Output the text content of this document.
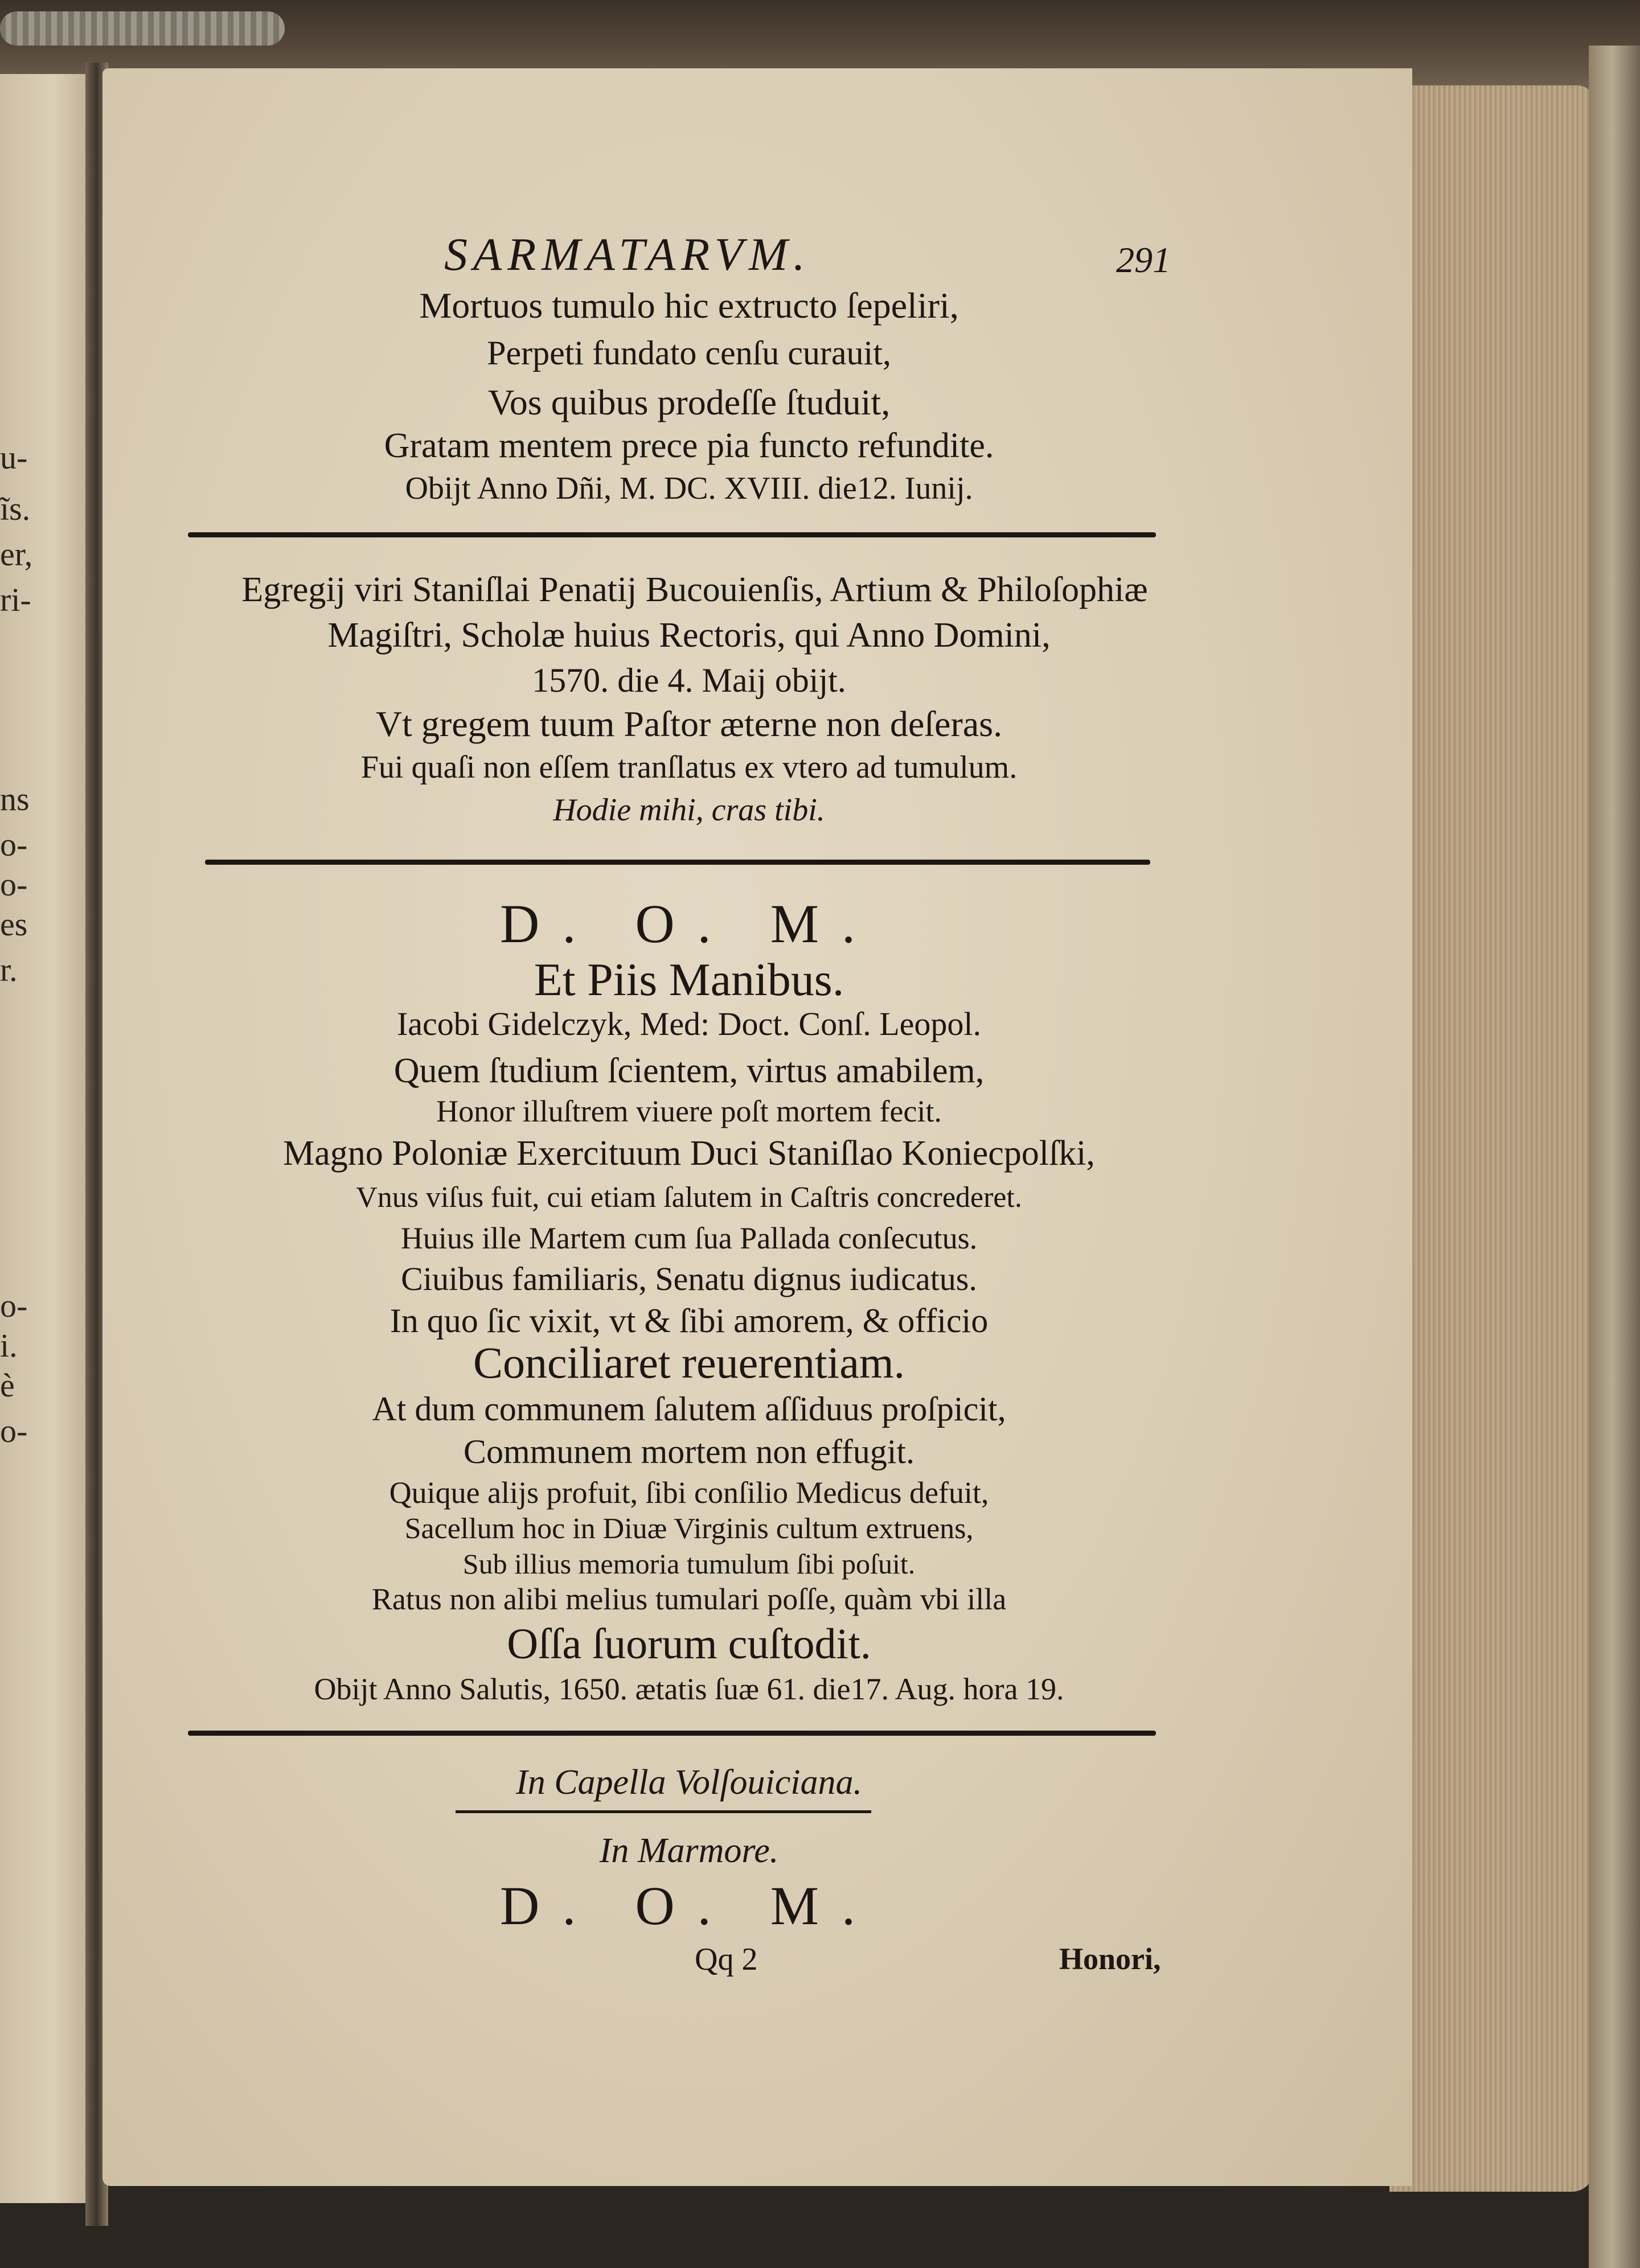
u-
ĩs.
er,
ri-
ns
o-
o-
es
r.
o-
i.
è
o-
SARMATARVM.	291
Mortuos tumulo hic extructo ſepeliri,
Perpeti fundato cenſu curauit,
Vos quibus prodeſſe ſtuduit,
Gratam mentem prece pia functo refundite.
Obijt Anno Dñi, M. DC. XVIII. die12. Iunij.
Egregij viri Staniſlai Penatij Bucouienſis, Artium & Philoſophiæ
Magiſtri, Scholæ huius Rectoris, qui Anno Domini,
1570. die 4. Maij obijt.
Vt gregem tuum Paſtor æterne non deſeras.
Fui quaſi non eſſem tranſlatus ex vtero ad tumulum.
Hodie mihi, cras tibi.
D. O. M.
Et Piis Manibus.
Iacobi Gidelczyk, Med: Doct. Conſ. Leopol.
Quem ſtudium ſcientem, virtus amabilem,
Honor illuſtrem viuere poſt mortem fecit.
Magno Poloniæ Exercituum Duci Staniſlao Koniecpolſki,
Vnus viſus fuit, cui etiam ſalutem in Caſtris concrederet.
Huius ille Martem cum ſua Pallada conſecutus.
Ciuibus familiaris, Senatu dignus iudicatus.
In quo ſic vixit, vt & ſibi amorem, & officio
Conciliaret reuerentiam.
At dum communem ſalutem aſſiduus proſpicit,
Communem mortem non effugit.
Quique alijs profuit, ſibi conſilio Medicus defuit,
Sacellum hoc in Diuæ Virginis cultum extruens,
Sub illius memoria tumulum ſibi poſuit.
Ratus non alibi melius tumulari poſſe, quàm vbi illa
Oſſa ſuorum cuſtodit.
Obijt Anno Salutis, 1650. ætatis ſuæ 61. die17. Aug. hora 19.
In Capella Volſouiciana.
In Marmore.
D. O. M.
Qq 2	Honori,
